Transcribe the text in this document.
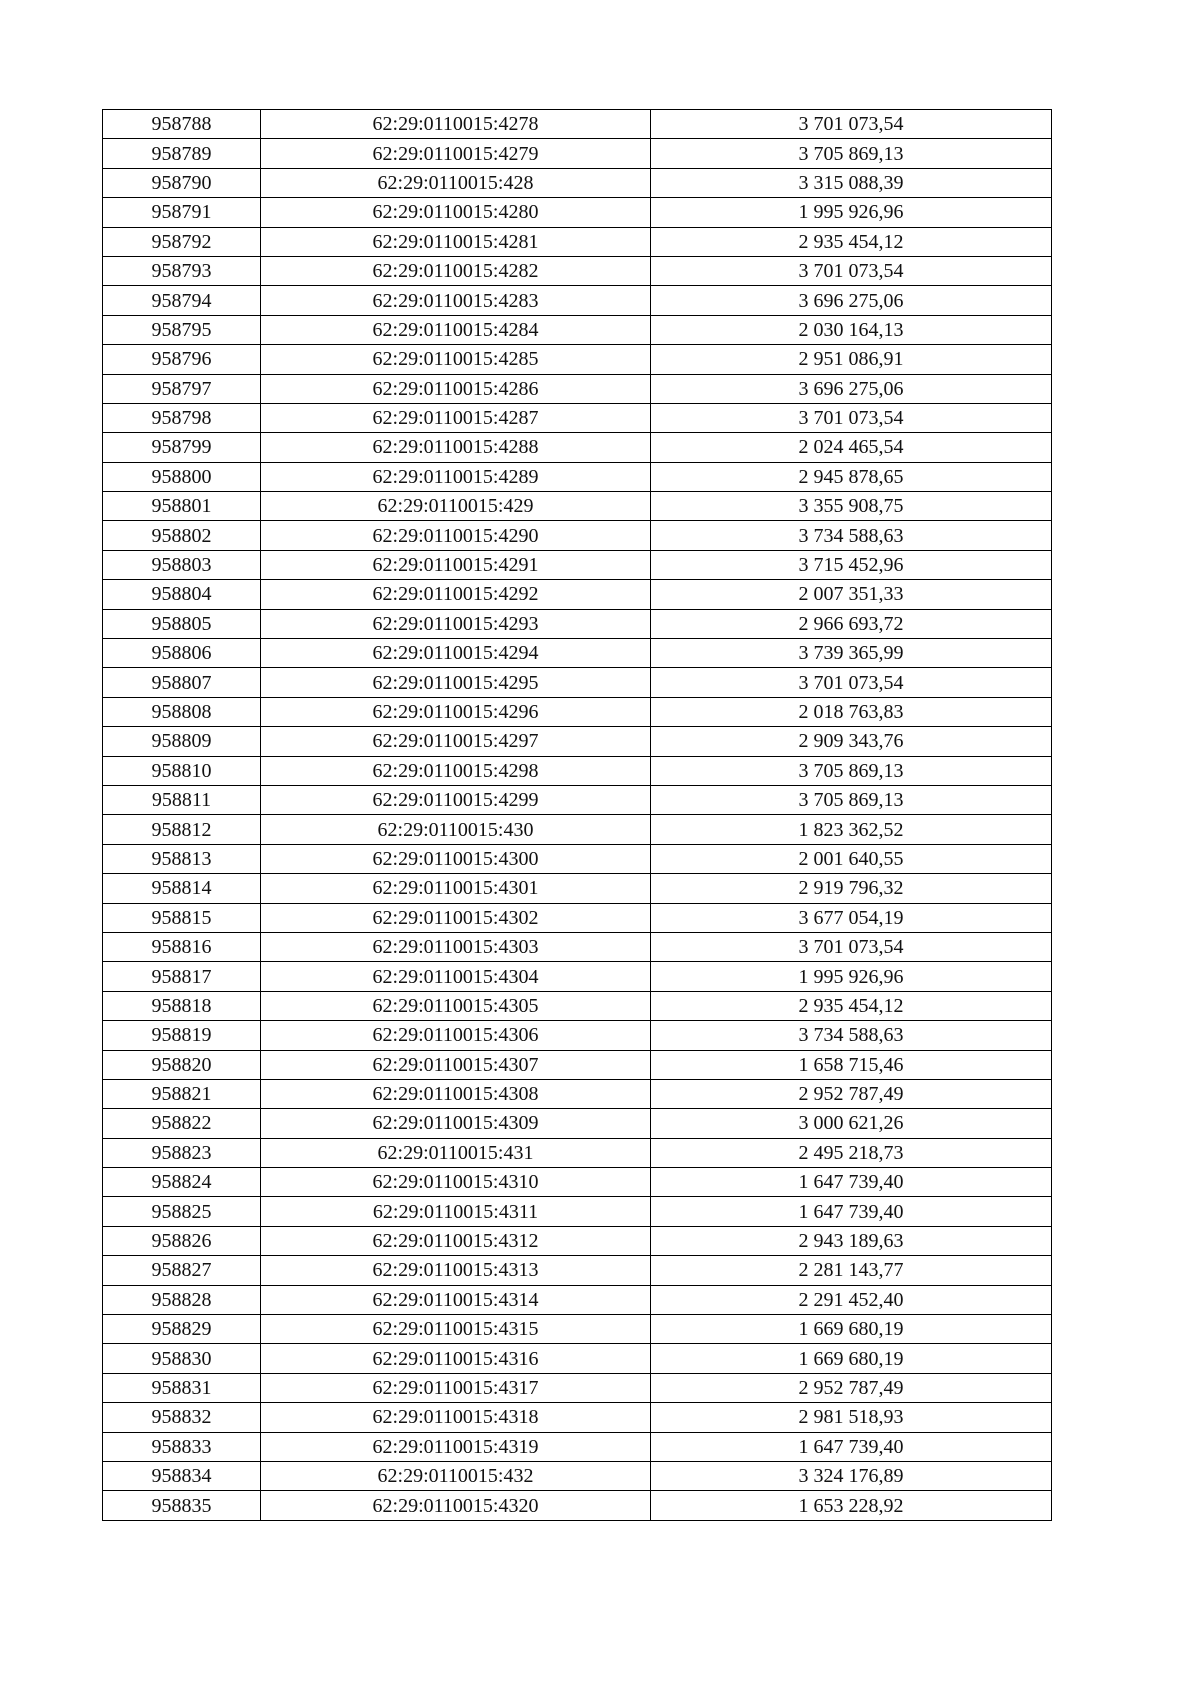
958788	62:29:0110015:4278	3 701 073,54
958789	62:29:0110015:4279	3 705 869,13
958790	62:29:0110015:428	3 315 088,39
958791	62:29:0110015:4280	1 995 926,96
958792	62:29:0110015:4281	2 935 454,12
958793	62:29:0110015:4282	3 701 073,54
958794	62:29:0110015:4283	3 696 275,06
958795	62:29:0110015:4284	2 030 164,13
958796	62:29:0110015:4285	2 951 086,91
958797	62:29:0110015:4286	3 696 275,06
958798	62:29:0110015:4287	3 701 073,54
958799	62:29:0110015:4288	2 024 465,54
958800	62:29:0110015:4289	2 945 878,65
958801	62:29:0110015:429	3 355 908,75
958802	62:29:0110015:4290	3 734 588,63
958803	62:29:0110015:4291	3 715 452,96
958804	62:29:0110015:4292	2 007 351,33
958805	62:29:0110015:4293	2 966 693,72
958806	62:29:0110015:4294	3 739 365,99
958807	62:29:0110015:4295	3 701 073,54
958808	62:29:0110015:4296	2 018 763,83
958809	62:29:0110015:4297	2 909 343,76
958810	62:29:0110015:4298	3 705 869,13
958811	62:29:0110015:4299	3 705 869,13
958812	62:29:0110015:430	1 823 362,52
958813	62:29:0110015:4300	2 001 640,55
958814	62:29:0110015:4301	2 919 796,32
958815	62:29:0110015:4302	3 677 054,19
958816	62:29:0110015:4303	3 701 073,54
958817	62:29:0110015:4304	1 995 926,96
958818	62:29:0110015:4305	2 935 454,12
958819	62:29:0110015:4306	3 734 588,63
958820	62:29:0110015:4307	1 658 715,46
958821	62:29:0110015:4308	2 952 787,49
958822	62:29:0110015:4309	3 000 621,26
958823	62:29:0110015:431	2 495 218,73
958824	62:29:0110015:4310	1 647 739,40
958825	62:29:0110015:4311	1 647 739,40
958826	62:29:0110015:4312	2 943 189,63
958827	62:29:0110015:4313	2 281 143,77
958828	62:29:0110015:4314	2 291 452,40
958829	62:29:0110015:4315	1 669 680,19
958830	62:29:0110015:4316	1 669 680,19
958831	62:29:0110015:4317	2 952 787,49
958832	62:29:0110015:4318	2 981 518,93
958833	62:29:0110015:4319	1 647 739,40
958834	62:29:0110015:432	3 324 176,89
958835	62:29:0110015:4320	1 653 228,92
